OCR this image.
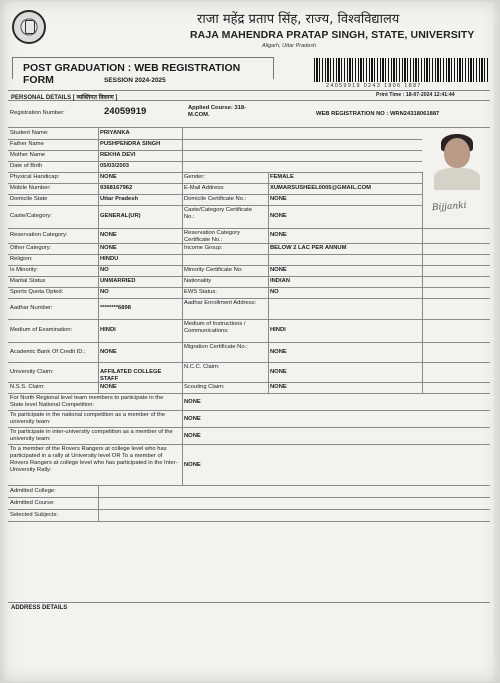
राजा महेंद्र प्रताप सिंह, राज्य, विश्वविद्यालय
RAJA MAHENDRA PRATAP SINGH, STATE, UNIVERSITY
Aligarh, Uttar Pradesh
POST GRADUATION : WEB REGISTRATION FORM	SESSION 2024-2025
24059919 0243 1806 1887
Print Time : 18-07-2024 12:41:44
PERSONAL DETAILS [ व्यक्तिगत विवरण ]
Registration Number:	24059919	Applied Course: 318-M.COM.	WEB REGISTRATION NO : WRN24318061887
Student Name:	PRIYANKA
Father Name	PUSHPENDRA SINGH
Mother Name	REKHA DEVI
Date of Birth	05/03/2003
Physical Handicap:	NONE	Gender:	FEMALE
Mobile Number:	9368167962	E-Mail Address:	XUMARSUSHEEL0005@GMAIL.COM
Domicile State	Uttar Pradesh	Domicile Certificate No.:	NONE
Caste/Category:	GENERAL(UR)
Caste/Category Certificate No.:	NONE
Reservation Category:	NONE	Reservation Category Certificate No.:
NONE
Other Category:	NONE	Income Group:	BELOW 2 LAC PER ANNUM
Religion:	HINDU
Is Minority:	NO	Minority Certificate No:	NONE
Marital Status	UNMARRIED	Nationality	INDIAN
Sports Quota Opted:	NO	EWS Status:	NO
Aadhar Number:	********6898
Aadhar Enrollment Address:
Medium of Examination:	HINDI
Medium of Instructions / Communications:	HINDI
Academic Bank Of Credit ID.:	NONE
Migration Certificate No.:
NONE
University Claim:	AFFILATED COLLEGE STAFF
N.C.C. Claim:
NONE
N.S.S. Claim:	NONE	Scouting Claim:	NONE
For North Regional level team members to participate in the State level National Competition:
NONE
To participate in the national competition as a member of the university team:
NONE
To participate in inter-university competition as a member of the university team:
NONE
To a member of the Rovers Rangers at college level who has participated in a rally at University level OR To a member of Rovers Rangers at college level who has participated in the Inter-University Rally:
NONE
Admitted College:
Admitted Course:
Selected Subjects:
Bijjanki
ADDRESS DETAILS
